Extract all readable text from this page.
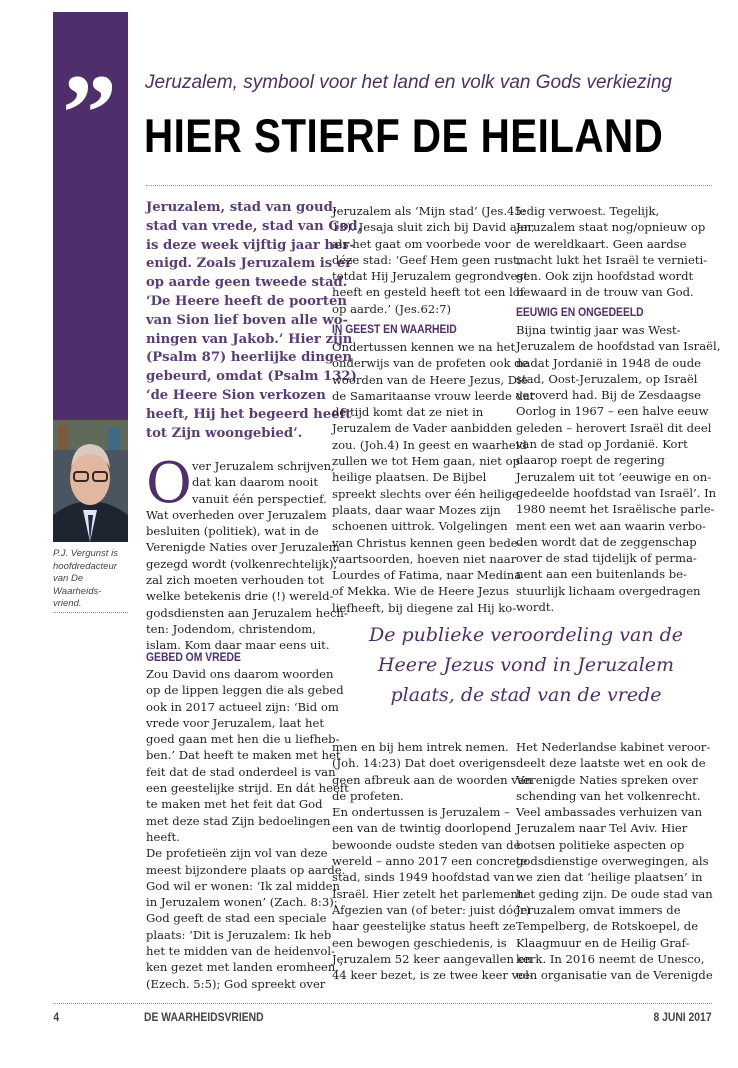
”
P.J. Vergunst is
hoofdredacteur
van De Waarheids-
vriend.
Jeruzalem, symbool voor het land en volk van Gods verkiezing
HIER STIERF DE HEILAND
Jeruzalem, stad van goud,
stad van vrede, stad van God,
is deze week vijftig jaar her-
enigd. Zoals Jeruzalem is er
op aarde geen tweede stad.
‘De Heere heeft de poorten
van Sion lief boven alle wo-
ningen van Jakob.’ Hier zijn
(Psalm 87) heerlijke dingen
gebeurd, omdat (Psalm 132)
‘de Heere Sion verkozen
heeft, Hij het begeerd heeft
tot Zijn woongebied’.
O ver Jeruzalem schrijven,
dat kan daarom nooit
vanuit één perspectief.
Wat overheden over Jeruzalem
besluiten (politiek), wat in de
Verenigde Naties over Jeruzalem
gezegd wordt (volkenrechtelijk),
zal zich moeten verhouden tot
welke betekenis drie (!) wereld-
godsdiensten aan Jeruzalem hech-
ten: Jodendom, christendom,
islam. Kom daar maar eens uit.
GEBED OM VREDE
Zou David ons daarom woorden
op de lippen leggen die als gebed
ook in 2017 actueel zijn: ‘Bid om
vrede voor Jeruzalem, laat het
goed gaan met hen die u liefheb-
ben.’ Dat heeft te maken met het
feit dat de stad onderdeel is van
een geestelijke strijd. En dát heeft
te maken met het feit dat God
met deze stad Zijn bedoelingen
heeft.
De profetieën zijn vol van deze
meest bijzondere plaats op aarde.
God wil er wonen: ‘Ik zal midden
in Jeruzalem wonen’ (Zach. 8:3);
God geeft de stad een speciale
plaats: ‘Dit is Jeruzalem: Ik heb
het te midden van de heidenvol-
ken gezet met landen eromheen.’
(Ezech. 5:5); God spreekt over
Jeruzalem als ‘Mijn stad’ (Jes.45:
13). Jesaja sluit zich bij David aan,
als het gaat om voorbede voor
déze stad: ‘Geef Hem geen rust,
totdat Hij Jeruzalem gegrondvest
heeft en gesteld heeft tot een lof
op aarde.’ (Jes.62:7)
IN GEEST EN WAARHEID
Ondertussen kennen we na het
onderwijs van de profeten ook de
woorden van de Heere Jezus, Die
de Samaritaanse vrouw leerde dat
de tijd komt dat ze niet in
Jeruzalem de Vader aanbidden
zou. (Joh.4) In geest en waarheid
zullen we tot Hem gaan, niet op
heilige plaatsen. De Bijbel
spreekt slechts over één heilige
plaats, daar waar Mozes zijn
schoenen uittrok. Volgelingen
van Christus kennen geen bede-
vaartsoorden, hoeven niet naar
Lourdes of Fatima, naar Medina
of Mekka. Wie de Heere Jezus
liefheeft, bij diegene zal Hij ko-
men en bij hem intrek nemen.
(Joh. 14:23) Dat doet overigens
geen afbreuk aan de woorden van
de profeten.
En ondertussen is Jeruzalem –
een van de twintig doorlopend
bewoonde oudste steden van de
wereld – anno 2017 een concrete
stad, sinds 1949 hoofdstad van
Israël. Hier zetelt het parlement.
Afgezien van (of beter: juist dóór)
haar geestelijke status heeft ze
een bewogen geschiedenis, is
Jeruzalem 52 keer aangevallen en
44 keer bezet, is ze twee keer vol-
ledig verwoest. Tegelijk,
Jeruzalem staat nog/opnieuw op
de wereldkaart. Geen aardse
macht lukt het Israël te vernieti-
gen. Ook zijn hoofdstad wordt
bewaard in de trouw van God.
EEUWIG EN ONGEDEELD
Bijna twintig jaar was West-
Jeruzalem de hoofdstad van Israël,
nadat Jordanië in 1948 de oude
stad, Oost-Jeruzalem, op Israël
veroverd had. Bij de Zesdaagse
Oorlog in 1967 – een halve eeuw
geleden – herovert Israël dit deel
van de stad op Jordanië. Kort
daarop roept de regering
Jeruzalem uit tot ‘eeuwige en on-
gedeelde hoofdstad van Israël’. In
1980 neemt het Israëlische parle-
ment een wet aan waarin verbo-
den wordt dat de zeggenschap
over de stad tijdelijk of perma-
nent aan een buitenlands be-
stuurlijk lichaam overgedragen
wordt.
Het Nederlandse kabinet veroor-
deelt deze laatste wet en ook de
Verenigde Naties spreken over
schending van het volkenrecht.
Veel ambassades verhuizen van
Jeruzalem naar Tel Aviv. Hier
botsen politieke aspecten op
godsdienstige overwegingen, als
we zien dat ‘heilige plaatsen’ in
het geding zijn. De oude stad van
Jeruzalem omvat immers de
Tempelberg, de Rotskoepel, de
Klaagmuur en de Heilig Graf-
kerk. In 2016 neemt de Unesco,
een organisatie van de Verenigde
De publieke veroordeling van de
Heere Jezus vond in Jeruzalem
plaats, de stad van de vrede
4	DE WAARHEIDSVRIEND	8 JUNI 2017
